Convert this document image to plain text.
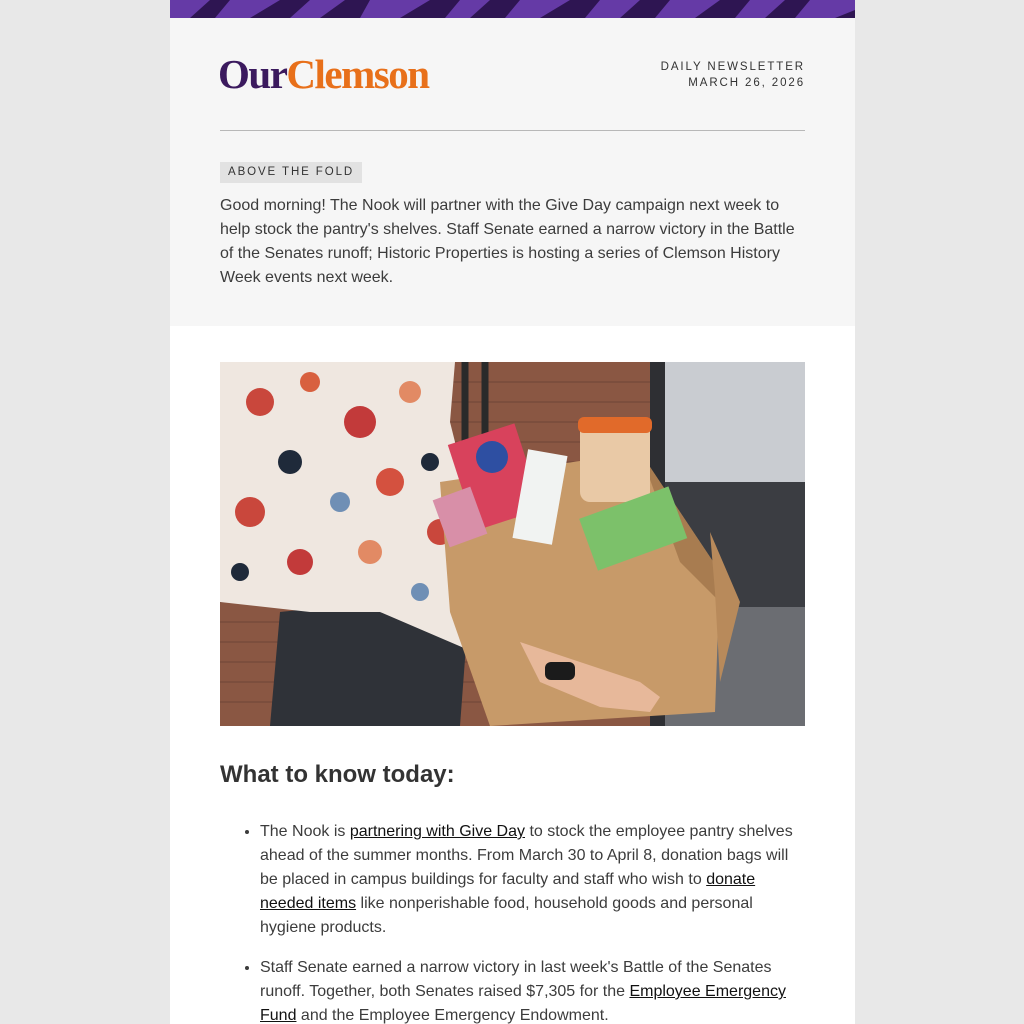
OurClemson	DAILY NEWSLETTER
MARCH 26, 2026
ABOVE THE FOLD

Good morning! The Nook will partner with the Give Day campaign next week to help stock the pantry's shelves. Staff Senate earned a narrow victory in the Battle of the Senates runoff; Historic Properties is hosting a series of Clemson History Week events next week.

What to know today:
• The Nook is partnering with Give Day to stock the employee pantry shelves ahead of the summer months. From March 30 to April 8, donation bags will be placed in campus buildings for faculty and staff who wish to donate needed items like nonperishable food, household goods and personal hygiene products.
• Staff Senate earned a narrow victory in last week's Battle of the Senates runoff. Together, both Senates raised $7,305 for the Employee Emergency Fund and the Employee Emergency Endowment.
